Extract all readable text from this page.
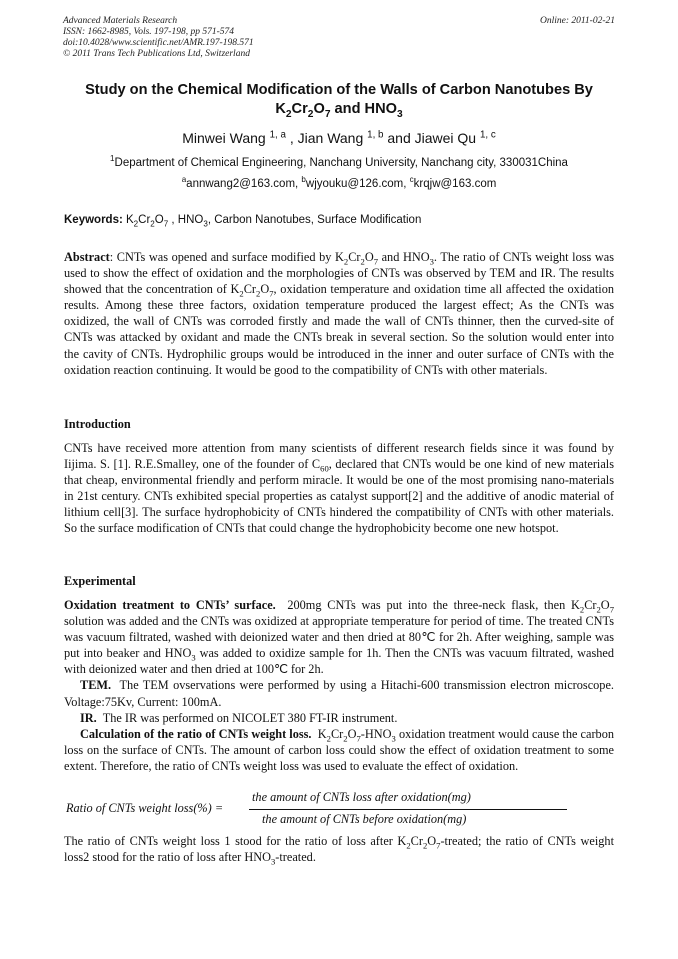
Advanced Materials Research
ISSN: 1662-8985, Vols. 197-198, pp 571-574
doi:10.4028/www.scientific.net/AMR.197-198.571
© 2011 Trans Tech Publications Ltd, Switzerland
Online: 2011-02-21
Study on the Chemical Modification of the Walls of Carbon Nanotubes By
$K_2Cr_2O_7$ and $HNO_3$
Minwei Wang $^{1, a}$ , Jian Wang $^{1, b}$ and Jiawei Qu $^{1, c}$
$^1$Department of Chemical Engineering, Nanchang University, Nanchang city, 330031China
$^a$annwang2@163.com, $^b$wjyouku@126.com, $^c$krqjw@163.com
Keywords: $K_2Cr_2O_7$ , $HNO_3$, Carbon Nanotubes, Surface Modification

Abstract: CNTs was opened and surface modified by $K_2Cr_2O_7$ and $HNO_3$. The ratio of CNTs weight loss was used to show the effect of oxidation and the morphologies of CNTs was observed by TEM and IR. The results showed that the concentration of $K_2Cr_2O_7$, oxidation temperature and oxidation time all affected the oxidation results. Among these three factors, oxidation temperature produced the largest effect; As the CNTs was oxidized, the wall of CNTs was corroded firstly and made the wall of CNTs thinner, then the curved-site of CNTs was attacked by oxidant and made the CNTs break in several section. So the solution would enter into the cavity of CNTs. Hydrophilic groups would be introduced in the inner and outer surface of CNTs with the oxidation reaction continuing. It would be good to the compatibility of CNTs with other materials.

Introduction

CNTs have received more attention from many scientists of different research fields since it was found by Iijima. S. [1]. R.E.Smalley, one of the founder of $C_{60}$, declared that CNTs would be one kind of new materials that cheap, environmental friendly and perform miracle. It would be one of the most promising nano-materials in 21st century. CNTs exhibited special properties as catalyst support[2] and the additive of anodic material of lithium cell[3]. The surface hydrophobicity of CNTs hindered the compatibility of CNTs with other materials. So the surface modification of CNTs that could change the hydrophobicity become one new hotspot.

Experimental

Oxidation treatment to CNTs’ surface. 200mg CNTs was put into the three-neck flask, then $K_2Cr_2O_7$ solution was added and the CNTs was oxidized at appropriate temperature for period of time. The treated CNTs was vacuum filtrated, washed with deionized water and then dried at 80℃ for 2h. After weighing, sample was put into beaker and $HNO_3$ was added to oxidize sample for 1h. Then the CNTs was vacuum filtrated, washed with deionized water and then dried at 100℃ for 2h.

TEM. The TEM ovservations were performed by using a Hitachi-600 transmission electron microscope. Voltage:75Kv, Current: 100mA.

IR. The IR was performed on NICOLET 380 FT-IR instrument.

Calculation of the ratio of CNTs weight loss. $K_2Cr_2O_7-HNO_3$ oxidation treatment would cause the carbon loss on the surface of CNTs. The amount of carbon loss could show the effect of oxidation treatment to some extent. Therefore, the ratio of CNTs weight loss was used to evaluate the effect of oxidation.

Ratio of CNTs weight loss(%) =
the amount of CNTs loss after oxidation(mg)
the amount of CNTs before oxidation(mg)

The ratio of CNTs weight loss 1 stood for the ratio of loss after $K_2Cr_2O_7$-treated; the ratio of CNTs weight loss2 stood for the ratio of loss after $HNO_3$-treated.
